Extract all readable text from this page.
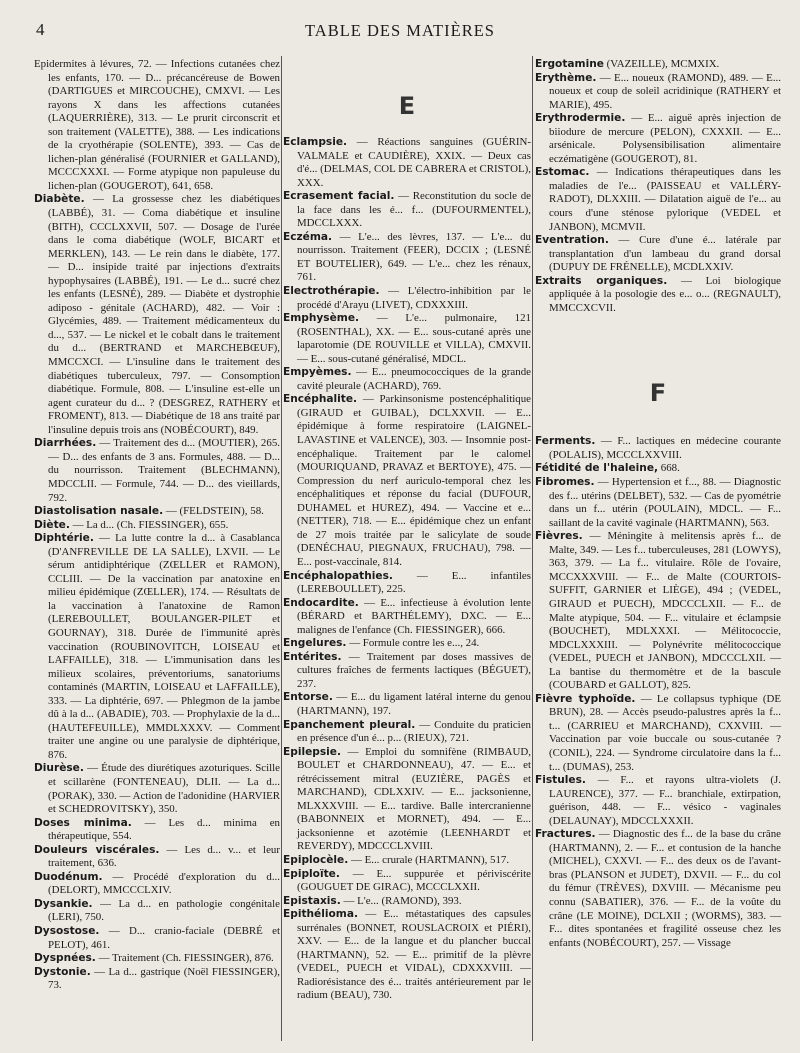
4	TABLE DES MATIÈRES

Epidermites à lévures, 72. — Infections cutanées chez les enfants, 170. — D... précancéreuse de Bowen (DARTIGUES et MIRCOUCHE), CMXVI. — Les rayons X dans les affections cutanées (LAQUERRIÈRE), 313. — Le prurit circonscrit et son traitement (VALETTE), 388. — Les indications de la cryothérapie (SOLENTE), 393. — Cas de lichen-plan généralisé (FOURNIER et GALLAND), MCCCXXXI. — Forme atypique non papuleuse du lichen-plan (GOUGEROT), 641, 658.

Diabète. — La grossesse chez les diabétiques (LABBÉ), 31. — Coma diabétique et insuline (BITH), CCCLXXVII, 507. — Dosage de l'urée dans le coma diabétique (WOLF, BICART et MERKLEN), 143. — Le rein dans le diabète, 177. — D... insipide traité par injections d'extraits hypophysaires (LABBÉ), 191. — Le d... sucré chez les enfants (LESNÉ), 289. — Diabète et dystrophie adiposo - génitale (ACHARD), 482. — Voir : Glycémies, 489. — Traitement médicamenteux du d..., 537. — Le nickel et le cobalt dans le traitement du d... (BERTRAND et MARCHEBŒUF), MMCCXCI. — L'insuline dans le traitement des diabétiques tuberculeux, 797. — Consomption diabétique. Formule, 808. — L'insuline est-elle un agent curateur du d... ? (DESGREZ, RATHERY et FROMENT), 813. — Diabétique de 18 ans traité par l'insuline depuis trois ans (NOBÉCOURT), 849.

Diarrhées. — Traitement des d... (MOUTIER), 265. — D... des enfants de 3 ans. Formules, 488. — D... du nourrisson. Traitement (BLECHMANN), MDCCLII. — Formule, 744. — D... des vieillards, 792.

Diastolisation nasale. — (FELDSTEIN), 58.

Diète. — La d... (Ch. FIESSINGER), 655.

Diphtérie. — La lutte contre la d... à Casablanca (D'ANFREVILLE DE LA SALLE), LXVII. — Le sérum antidiphtérique (ZŒLLER et RAMON), CCLIII. — De la vaccination par anatoxine en milieu épidémique (ZŒLLER), 174. — Résultats de la vaccination à l'anatoxine de Ramon (LEREBOULLET, BOULANGER-PILET et GOURNAY), 318. Durée de l'immunité après vaccination (ROUBINOVITCH, LOISEAU et LAFFAILLE), 318. — L'immunisation dans les milieux scolaires, préventoriums, sanatoriums contaminés (MARTIN, LOISEAU et LAFFAILLE), 333. — La diphtérie, 697. — Phlegmon de la jambe dû à la d... (ABADIE), 703. — Prophylaxie de la d... (HAUTEFEUILLE), MMDLXXXV. — Comment traiter une angine ou une paralysie de diphtérique, 876.

Diurèse. — Étude des diurétiques azoturiques. Scille et scillarène (FONTENEAU), DLII. — La d... (PORAK), 330. — Action de l'adonidine (HARVIER et SCHEDROVITSKY), 350.

Doses minima. — Les d... minima en thérapeutique, 554.

Douleurs viscérales. — Les d... v... et leur traitement, 636.

Duodénum. — Procédé d'exploration du d... (DELORT), MMCCCLXIV.

Dysankie. — La d... en pathologie congénitale (LERI), 750.

Dysostose. — D... cranio-faciale (DEBRÉ et PELOT), 461.

Dyspnées. — Traitement (Ch. FIESSINGER), 876.

Dystonie. — La d... gastrique (Noël FIESSINGER), 73.

E

Eclampsie. — Réactions sanguines (GUÉRIN-VALMALE et CAUDIÈRE), XXIX. — Deux cas d'é... (DELMAS, COL DE CABRERA et CRISTOL), XXX.

Ecrasement facial. — Reconstitution du socle de la face dans les é... f... (DUFOURMENTEL), MDCCLXXX.

Eczéma. — L'e... des lèvres, 137. — L'e... du nourrisson. Traitement (FEER), DCCIX ; (LESNÉ ET BOUTELIER), 649. — L'e... chez les rénaux, 761.

Electrothérapie. — L'électro-inhibition par le procédé d'Arayu (LIVET), CDXXXIII.

Emphysème. — L'e... pulmonaire, 121 (ROSENTHAL), XX. — E... sous-cutané après une laparotomie (DE ROUVILLE et VILLA), CMXVII. — E... sous-cutané généralisé, MDCL.

Empyèmes. — E... pneumococciques de la grande cavité pleurale (ACHARD), 769.

Encéphalite. — Parkinsonisme postencéphalitique (GIRAUD et GUIBAL), DCLXXVII. — E... épidémique à forme respiratoire (LAIGNEL-LAVASTINE et VALENCE), 303. — Insomnie post-encéphalique. Traitement par le calomel (MOURIQUAND, PRAVAZ et BERTOYE), 475. — Compression du nerf auriculo-temporal chez les encéphalitiques et réponse du facial (DUFOUR, DUHAMEL et HUREZ), 494. — Vaccine et e... (NETTER), 718. — E... épidémique chez un enfant de 27 mois traitée par le salicylate de soude (DENÉCHAU, PIEGNAUX, FRUCHAU), 798. — E... post-vaccinale, 814.

Encéphalopathies. — E... infantiles (LEREBOULLET), 225.

Endocardite. — E... infectieuse à évolution lente (BÉRARD et BARTHÉLEMY), DXC. — E... malignes de l'enfance (Ch. FIESSINGER), 666.

Engelures. — Formule contre les e..., 24.

Entérites. — Traitement par doses massives de cultures fraîches de ferments lactiques (BÉGUET), 237.

Entorse. — E... du ligament latéral interne du genou (HARTMANN), 197.

Epanchement pleural. — Conduite du praticien en présence d'un é... p... (RIEUX), 721.

Epilepsie. — Emploi du somnifène (RIMBAUD, BOULET et CHARDONNEAU), 47. — E... et rétrécissement mitral (EUZIÈRE, PAGÈS et MARCHAND), CDLXXIV. — E... jacksonienne, MLXXXVIII. — E... tardive. Balle intercranienne (BABONNEIX et MORNET), 494. — E... jacksonienne et azotémie (LEENHARDT et REVERDY), MDCCCLXVIII.

Epiplocèle. — E... crurale (HARTMANN), 517.

Epiploïte. — E... suppurée et périviscérite (GOUGUET DE GIRAC), MCCCLXXII.

Epistaxis. — L'e... (RAMOND), 393.

Epithélioma. — E... métastatiques des capsules surrénales (BONNET, ROUSLACROIX et PIÉRI), XXV. — E... de la langue et du plancher buccal (HARTMANN), 52. — E... primitif de la plèvre (VEDEL, PUECH et VIDAL), CDXXXVIII. — Radiorésistance des é... traités antérieurement par le radium (BEAU), 730.

Ergotamine (VAZEILLE), MCMXIX.

Erythème. — E... noueux (RAMOND), 489. — E... noueux et coup de soleil acridinique (RATHERY et MARIE), 495.

Erythrodermie. — E... aiguë après injection de biiodure de mercure (PELON), CXXXII. — E... arsénicale. Polysensibilisation alimentaire eczématigène (GOUGEROT), 81.

Estomac. — Indications thérapeutiques dans les maladies de l'e... (PAISSEAU et VALLÉRY-RADOT), DLXXIII. — Dilatation aiguë de l'e... au cours d'une sténose pylorique (VEDEL et JANBON), MCMVII.

Eventration. — Cure d'une é... latérale par transplantation d'un lambeau du grand dorsal (DUPUY DE FRÉNELLE), MCDLXXIV.

Extraits organiques. — Loi biologique appliquée à la posologie des e... o... (REGNAULT), MMCCXCVII.

F

Ferments. — F... lactiques en médecine courante (POLALIS), MCCCLXXVIII.

Fétidité de l'haleine, 668.

Fibromes. — Hypertension et f..., 88. — Diagnostic des f... utérins (DELBET), 532. — Cas de pyométrie dans un f... utérin (POULAIN), MDCL. — F... saillant de la cavité vaginale (HARTMANN), 563.

Fièvres. — Méningite à melitensis après f... de Malte, 349. — Les f... tuberculeuses, 281 (LOWYS), 363, 379. — La f... vitulaire. Rôle de l'ovaire, MCCXXXVIII. — F... de Malte (COURTOIS-SUFFIT, GARNIER et LIÈGE), 494 ; (VEDEL, GIRAUD et PUECH), MDCCCLXII. — F... de Malte atypique, 504. — F... vitulaire et éclampsie (BOUCHET), MDLXXXI. — Mélitococcie, MDCLXXXIII. — Polynévrite mélitococcique (VEDEL, PUECH et JANBON), MDCCCLXII. — La bantise du thermomètre et de la bascule (COUBARD et GALLOT), 825.

Fièvre typhoïde. — Le collapsus typhique (DE BRUN), 28. — Accès pseudo-palustres après la f... t... (CARRIEU et MARCHAND), CXXVIII. — Vaccination par voie buccale ou sous-cutanée ? (CONIL), 224. — Syndrome circulatoire dans la f... t... (DUMAS), 253.

Fistules. — F... et rayons ultra-violets (J. LAURENCE), 377. — F... branchiale, extirpation, guérison, 448. — F... vésico - vaginales (DELAUNAY), MDCCLXXXII.

Fractures. — Diagnostic des f... de la base du crâne (HARTMANN), 2. — F... et contusion de la hanche (MICHEL), CXXVI. — F... des deux os de l'avant-bras (PLANSON et JUDET), DXVII. — F... du col du fémur (TRÈVES), DXVIII. — Mécanisme peu connu (SABATIER), 376. — F... de la voûte du crâne (LE MOINE), DCLXII ; (WORMS), 383. — F... dites spontanées et fragilité osseuse chez les enfants (NOBÉCOURT), 257. — Vissage
